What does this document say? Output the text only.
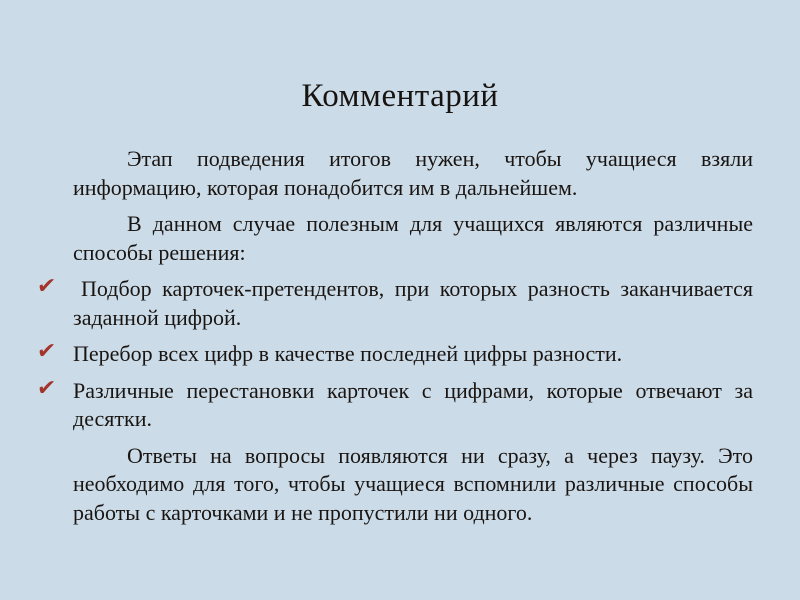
Комментарий

Этап подведения итогов нужен, чтобы учащиеся взяли информацию, которая понадобится им в дальнейшем.

В данном случае полезным для учащихся являются различные способы решения:

✔	Подбор карточек-претендентов, при которых разность заканчивается заданной цифрой.
✔ Перебор всех цифр в качестве последней цифры разности.
✔ Различные перестановки карточек с цифрами, которые отвечают за десятки.

Ответы на вопросы появляются ни сразу, а через паузу. Это необходимо для того, чтобы учащиеся вспомнили различные способы работы с карточками и не пропустили ни одного.
